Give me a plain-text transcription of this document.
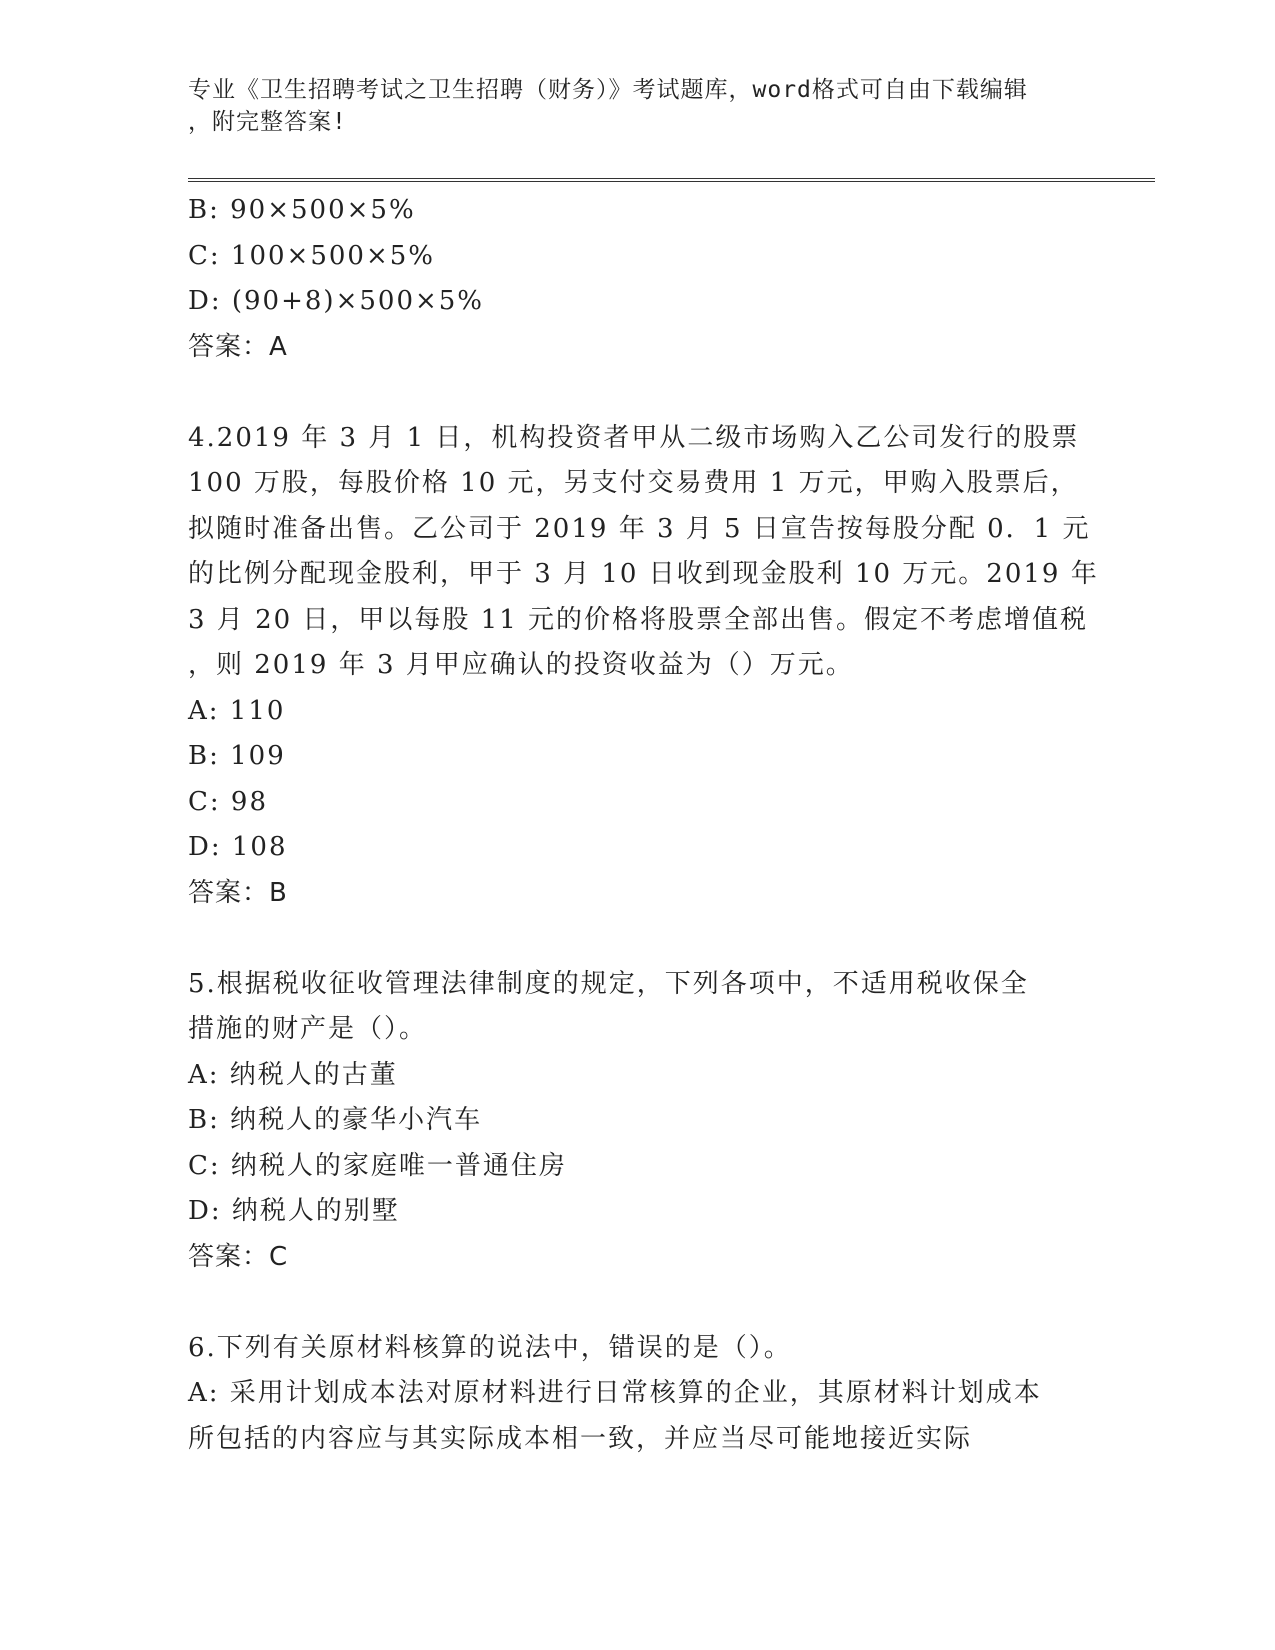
专业《卫生招聘考试之卫生招聘（财务）》考试题库，word格式可自由下载编辑
，附完整答案!
B: 90×500×5%
C: 100×500×5%
D: (90+8)×500×5%
答案：A
4.2019 年 3 月 1 日，机构投资者甲从二级市场购入乙公司发行的股票
100 万股，每股价格 10 元，另支付交易费用 1 万元，甲购入股票后，
拟随时准备出售。乙公司于 2019 年 3 月 5 日宣告按每股分配 0．1 元
的比例分配现金股利，甲于 3 月 10 日收到现金股利 10 万元。2019 年
3 月 20 日，甲以每股 11 元的价格将股票全部出售。假定不考虑增值税
，则 2019 年 3 月甲应确认的投资收益为（）万元。
A: 110
B: 109
C: 98
D: 108
答案：B
5.根据税收征收管理法律制度的规定，下列各项中，不适用税收保全
措施的财产是（）。
A: 纳税人的古董
B: 纳税人的豪华小汽车
C: 纳税人的家庭唯一普通住房
D: 纳税人的别墅
答案：C
6.下列有关原材料核算的说法中，错误的是（）。
A: 采用计划成本法对原材料进行日常核算的企业，其原材料计划成本
所包括的内容应与其实际成本相一致，并应当尽可能地接近实际
